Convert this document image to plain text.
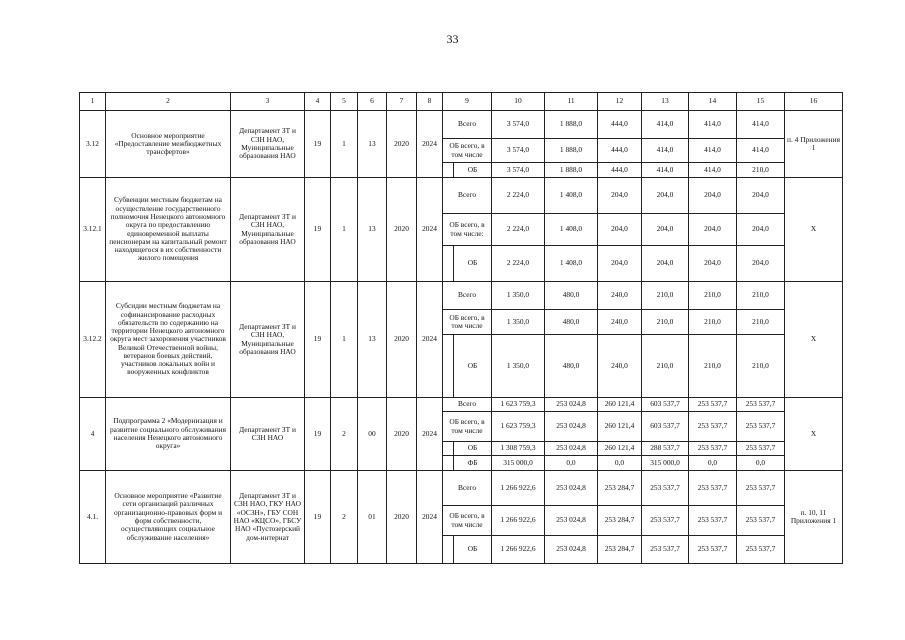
33
1	2	3	4	5	6	7	8	9		10	11	12	13	14	15	16
3.12	Основное мероприятие «Предоставление межбюджетных трансфертов»	Департамент ЗТ и СЗН НАО, Муниципальные образования НАО	19	1	13	2020	2024	Всего		3 574,0	1 888,0	444,0	414,0	414,0	414,0	п. 4 Приложения 1
								ОБ всего, в том числе		3 574,0	1 888,0	444,0	414,0	414,0	414,0	
									ОБ	3 574,0	1 888,0	444,0	414,0	414,0	210,0	
3.12.1	Субвенции местным бюджетам на осуществление государственного полномочия Ненецкого автономного округа по предоставлению единовременной выплаты пенсионерам на капитальный ремонт находящегося в их собственности жилого помещения	Департамент ЗТ и СЗН НАО, Муниципальные образования НАО	19	1	13	2020	2024	Всего		2 224,0	1 408,0	204,0	204,0	204,0	204,0	X
								ОБ всего, в том числе:		2 224,0	1 408,0	204,0	204,0	204,0	204,0	
									ОБ	2 224,0	1 408,0	204,0	204,0	204,0	204,0	
3.12.2	Субсидии местным бюджетам на софинансирование расходных обязательств по содержанию на территории Ненецкого автономного округа мест захоронения участников Великой Отечественной войны, ветеранов боевых действий, участников локальных войн и вооруженных конфликтов	Департамент ЗТ и СЗН НАО, Муниципальные образования НАО	19	1	13	2020	2024	Всего		1 350,0	480,0	240,0	210,0	210,0	210,0	X
								ОБ всего, в том числе		1 350,0	480,0	240,0	210,0	210,0	210,0	
									ОБ	1 350,0	480,0	240,0	210,0	210,0	210,0	
4	Подпрограмма 2 «Модернизация и развитие социального обслуживания населения Ненецкого автономного округа»	Департамент ЗТ и СЗН НАО	19	2	00	2020	2024	Всего		1 623 759,3	253 024,8	260 121,4	603 537,7	253 537,7	253 537,7	X
								ОБ всего, в том числе		1 623 759,3	253 024,8	260 121,4	603 537,7	253 537,7	253 537,7	
									ОБ	1 308 759,3	253 024,8	260 121,4	288 537,7	253 537,7	253 537,7	
									ФБ	315 000,0	0,0	0,0	315 000,0	0,0	0,0	
4.1.	Основное мероприятие «Развитие сети организаций различных организационно-правовых форм и форм собственности, осуществляющих социальное обслуживание населения»	Департамент ЗТ и СЗН НАО, ГКУ НАО «ОСЗН», ГБУ СОН НАО «КЦСО», ГБСУ НАО «Пустозерский дом-интернат	19	2	01	2020	2024	Всего		1 266 922,6	253 024,8	253 284,7	253 537,7	253 537,7	253 537,7	п. 10, 11 Приложения 1
								ОБ всего, в том числе		1 266 922,6	253 024,8	253 284,7	253 537,7	253 537,7	253 537,7	
									ОБ	1 266 922,6	253 024,8	253 284,7	253 537,7	253 537,7	253 537,7	
